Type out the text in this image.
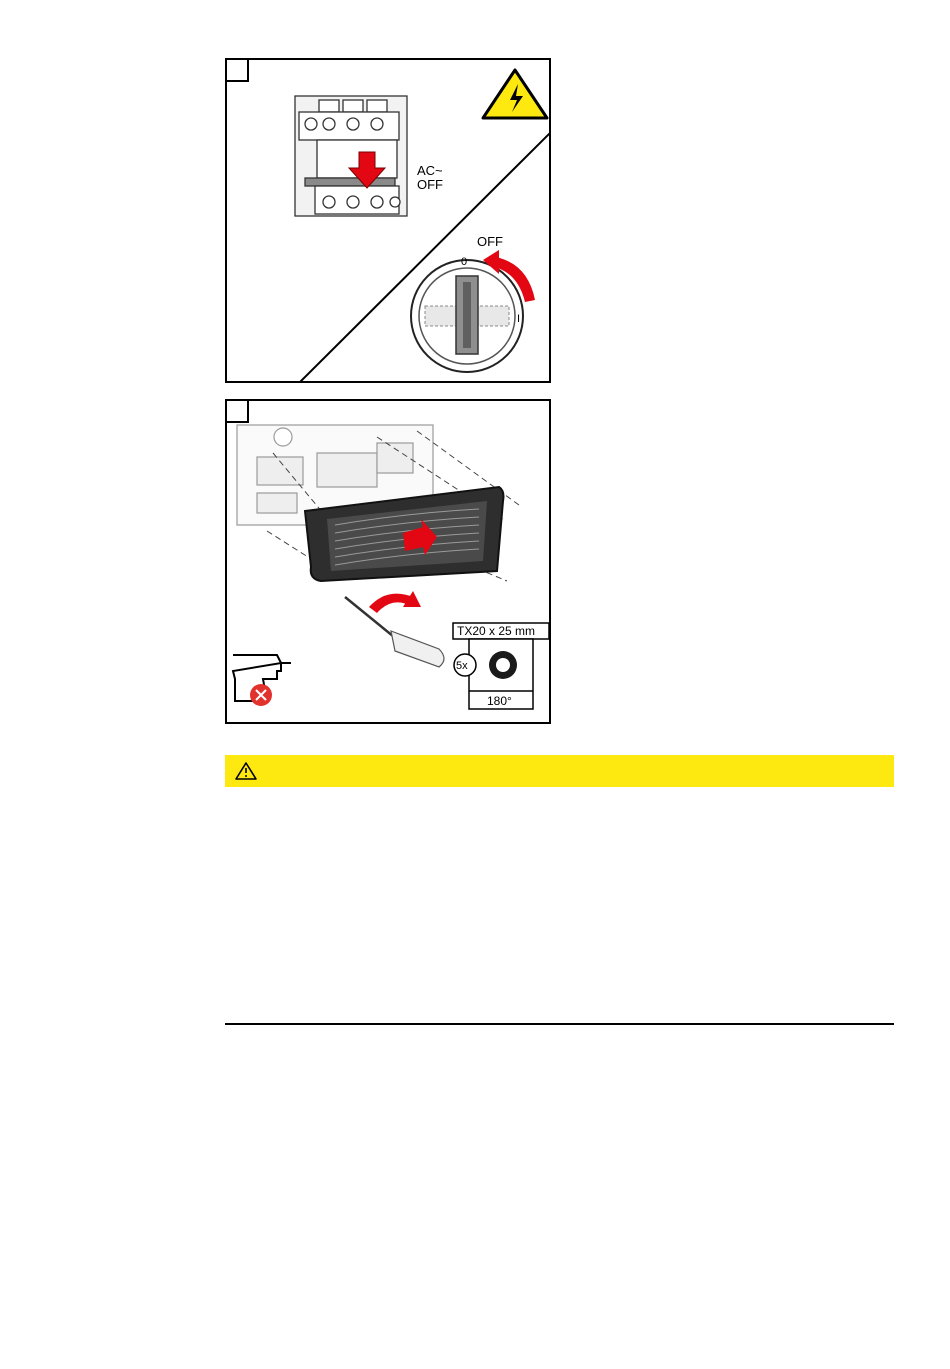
AC~
OFF
OFF
0
I
TX20 x 25 mm
5x
180°
